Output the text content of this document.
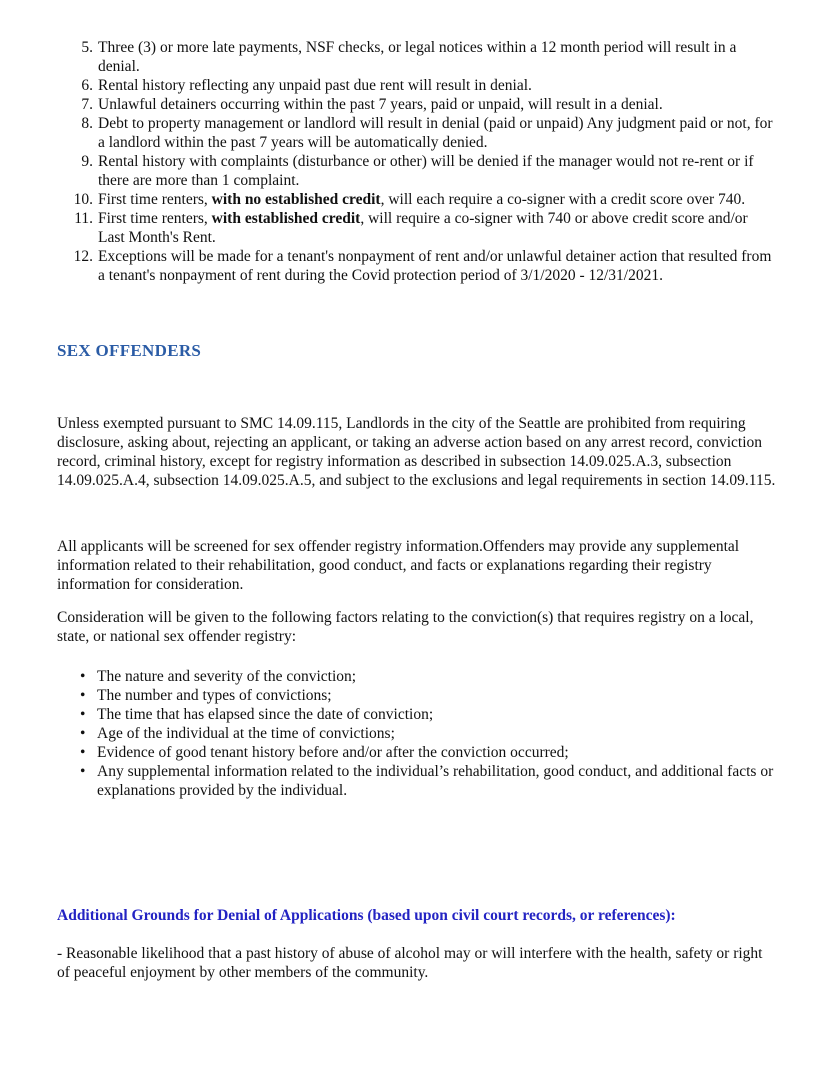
5. Three (3) or more late payments, NSF checks, or legal notices within a 12 month period will result in a denial.
6. Rental history reflecting any unpaid past due rent will result in denial.
7. Unlawful detainers occurring within the past 7 years, paid or unpaid, will result in a denial.
8. Debt to property management or landlord will result in denial (paid or unpaid) Any judgment paid or not, for a landlord within the past 7 years will be automatically denied.
9. Rental history with complaints (disturbance or other) will be denied if the manager would not re-rent or if there are more than 1 complaint.
10. First time renters, with no established credit, will each require a co-signer with a credit score over 740.
11. First time renters, with established credit, will require a co-signer with 740 or above credit score and/or Last Month's Rent.
12. Exceptions will be made for a tenant's nonpayment of rent and/or unlawful detainer action that resulted from a tenant's nonpayment of rent during the Covid protection period of 3/1/2020 - 12/31/2021.
SEX OFFENDERS

Unless exempted pursuant to SMC 14.09.115, Landlords in the city of the Seattle are prohibited from requiring disclosure, asking about, rejecting an applicant, or taking an adverse action based on any arrest record, conviction record, criminal history, except for registry information as described in subsection 14.09.025.A.3, subsection 14.09.025.A.4, subsection 14.09.025.A.5, and subject to the exclusions and legal requirements in section 14.09.115.

All applicants will be screened for sex offender registry information.Offenders may provide any supplemental information related to their rehabilitation, good conduct, and facts or explanations regarding their registry information for consideration.

Consideration will be given to the following factors relating to the conviction(s) that requires registry on a local, state, or national sex offender registry:

•
The nature and severity of the conviction;
•
The number and types of convictions;
•
The time that has elapsed since the date of conviction;
•
Age of the individual at the time of convictions;
•
Evidence of good tenant history before and/or after the conviction occurred;
•
Any supplemental information related to the individual’s rehabilitation, good conduct, and additional facts or explanations provided by the individual.
Additional Grounds for Denial of Applications (based upon civil court records, or references):

- Reasonable likelihood that a past history of abuse of alcohol may or will interfere with the health, safety or right of peaceful enjoyment by other members of the community.
